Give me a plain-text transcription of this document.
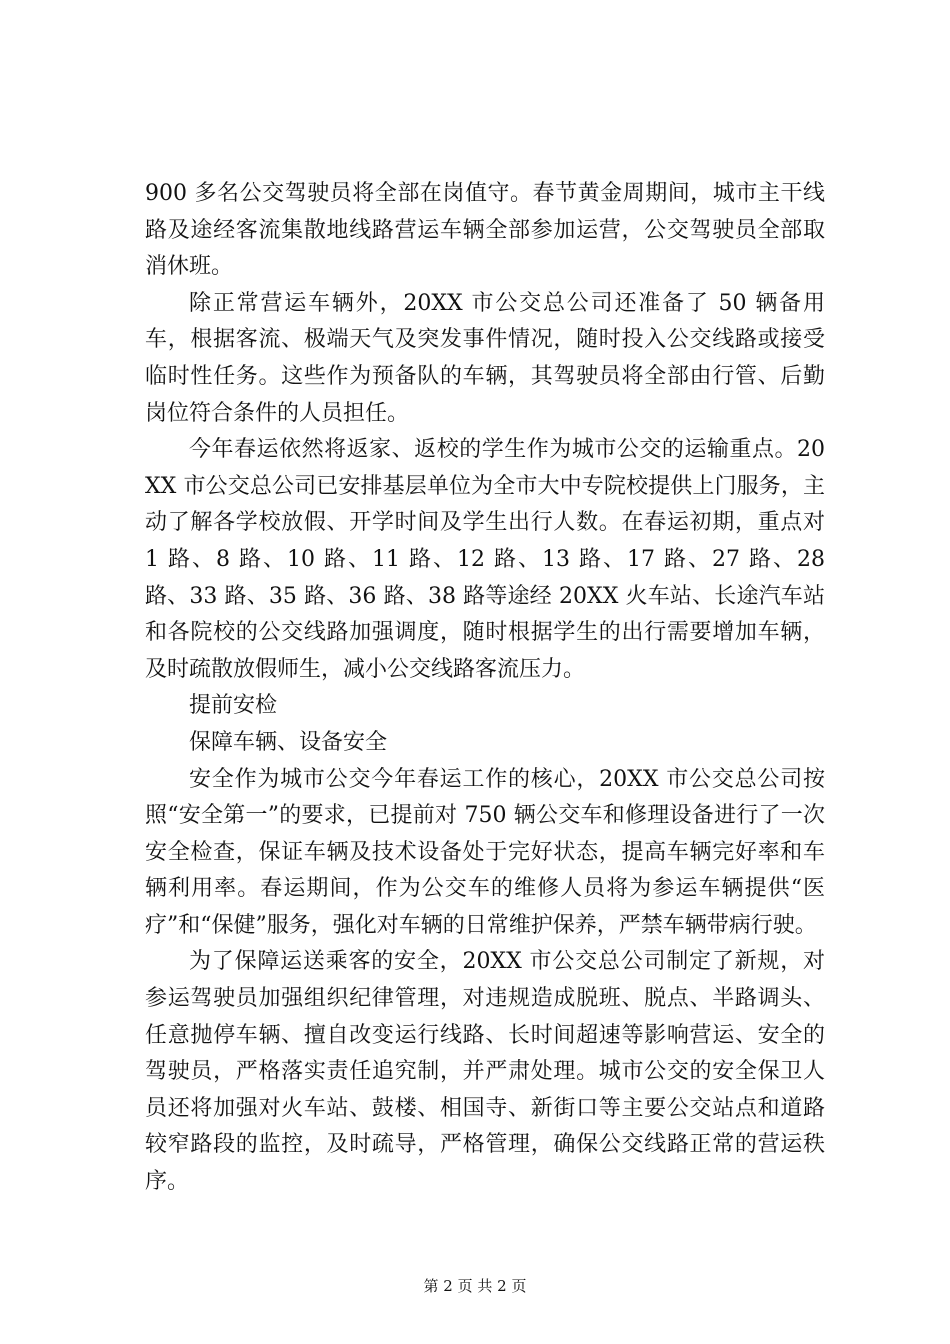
900 多名公交驾驶员将全部在岗值守。春节黄金周期间，城市主干线路及途经客流集散地线路营运车辆全部参加运营，公交驾驶员全部取消休班。

除正常营运车辆外，20XX 市公交总公司还准备了 50 辆备用车，根据客流、极端天气及突发事件情况，随时投入公交线路或接受临时性任务。这些作为预备队的车辆，其驾驶员将全部由行管、后勤岗位符合条件的人员担任。

今年春运依然将返家、返校的学生作为城市公交的运输重点。20XX 市公交总公司已安排基层单位为全市大中专院校提供上门服务，主动了解各学校放假、开学时间及学生出行人数。在春运初期，重点对 1 路、8 路、10 路、11 路、12 路、13 路、17 路、27 路、28 路、33 路、35 路、36 路、38 路等途经 20XX 火车站、长途汽车站和各院校的公交线路加强调度，随时根据学生的出行需要增加车辆，及时疏散放假师生，减小公交线路客流压力。

提前安检

保障车辆、设备安全

安全作为城市公交今年春运工作的核心，20XX 市公交总公司按照“安全第一”的要求，已提前对 750 辆公交车和修理设备进行了一次安全检查，保证车辆及技术设备处于完好状态，提高车辆完好率和车辆利用率。春运期间，作为公交车的维修人员将为参运车辆提供“医疗”和“保健”服务，强化对车辆的日常维护保养，严禁车辆带病行驶。

为了保障运送乘客的安全，20XX 市公交总公司制定了新规，对参运驾驶员加强组织纪律管理，对违规造成脱班、脱点、半路调头、任意抛停车辆、擅自改变运行线路、长时间超速等影响营运、安全的驾驶员，严格落实责任追究制，并严肃处理。城市公交的安全保卫人员还将加强对火车站、鼓楼、相国寺、新街口等主要公交站点和道路较窄路段的监控，及时疏导，严格管理，确保公交线路正常的营运秩序。

第 2 页 共 2 页
